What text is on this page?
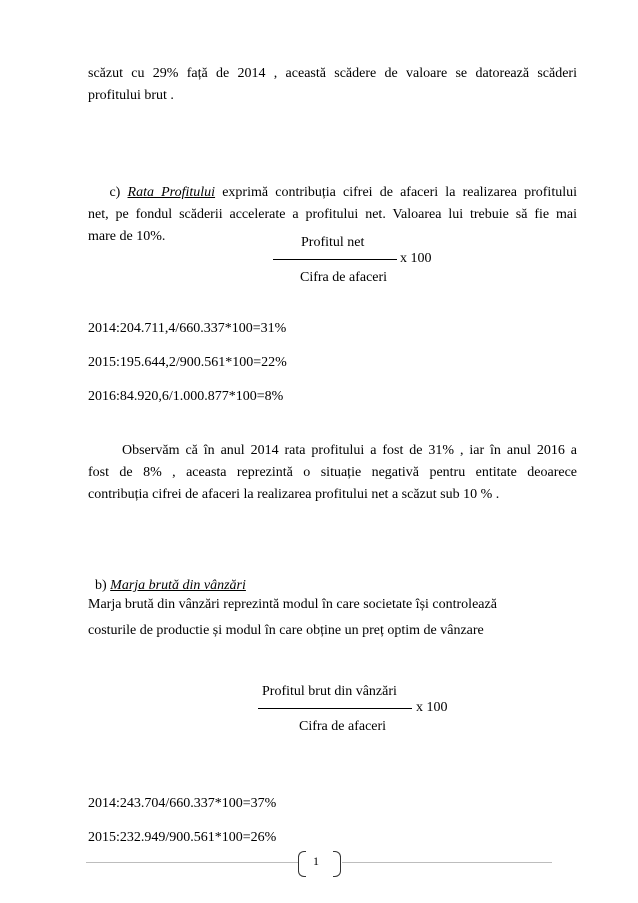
scăzut cu 29% față de 2014 , această scădere de valoare se datorează scăderi
profitului brut .
c) Rata Profitului exprimă contribuția cifrei de afaceri la realizarea profitului
net, pe fondul scăderii accelerate a profitului net. Valoarea lui trebuie să fie mai
mare de 10%.	Profitul net
x 100
Cifra de afaceri
2014:204.711,4/660.337*100=31%
2015:195.644,2/900.561*100=22%
2016:84.920,6/1.000.877*100=8%
Observăm că în anul 2014 rata profitului a fost de 31% , iar în anul 2016 a
fost de 8% , aceasta reprezintă o situație negativă pentru entitate deoarece
contribuția cifrei de afaceri la realizarea profitului net a scăzut sub 10 % .
b) Marja brută din vânzări
Marja brută din vânzări reprezintă modul în care societate își controlează
costurile de productie și modul în care obține un preț optim de vânzare
Profitul brut din vânzări
x 100
Cifra de afaceri
2014:243.704/660.337*100=37%
2015:232.949/900.561*100=26%
1
